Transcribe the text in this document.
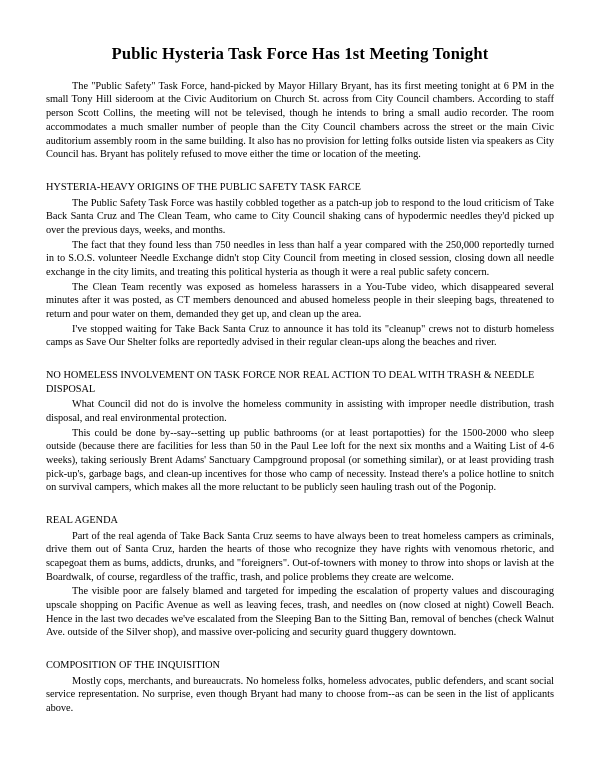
Public Hysteria Task Force Has 1st Meeting Tonight

The "Public Safety" Task Force, hand-picked by Mayor Hillary Bryant, has its first meeting tonight at 6 PM in the small Tony Hill sideroom at the Civic Auditorium on Church St. across from City Council chambers. According to staff person Scott Collins, the meeting will not be televised, though he intends to bring a small audio recorder. The room accommodates a much smaller number of people than the City Council chambers across the street or the main Civic auditorium assembly room in the same building. It also has no provision for letting folks outside listen via speakers as City Council has. Bryant has politely refused to move either the time or location of the meeting.

HYSTERIA-HEAVY ORIGINS OF THE PUBLIC SAFETY TASK FARCE

The Public Safety Task Force was hastily cobbled together as a patch-up job to respond to the loud criticism of Take Back Santa Cruz and The Clean Team, who came to City Council shaking cans of hypodermic needles they'd picked up over the previous days, weeks, and months.

The fact that they found less than 750 needles in less than half a year compared with the 250,000 reportedly turned in to S.O.S. volunteer Needle Exchange didn't stop City Council from meeting in closed session, closing down all needle exchange in the city limits, and treating this political hysteria as though it were a real public safety concern.

The Clean Team recently was exposed as homeless harassers in a You-Tube video, which disappeared several minutes after it was posted, as CT members denounced and abused homeless people in their sleeping bags, threatened to return and pour water on them, demanded they get up, and clean up the area.

I've stopped waiting for Take Back Santa Cruz to announce it has told its "cleanup" crews not to disturb homeless camps as Save Our Shelter folks are reportedly advised in their regular clean-ups along the beaches and river.

NO HOMELESS INVOLVEMENT ON TASK FORCE NOR REAL ACTION TO DEAL WITH TRASH & NEEDLE DISPOSAL

What Council did not do is involve the homeless community in assisting with improper needle distribution, trash disposal, and real environmental protection.

This could be done by--say--setting up public bathrooms (or at least portapotties) for the 1500-2000 who sleep outside (because there are facilities for less than 50 in the Paul Lee loft for the next six months and a Waiting List of 4-6 weeks), taking seriously Brent Adams' Sanctuary Campground proposal (or something similar), or at least providing trash pick-up's, garbage bags, and clean-up incentives for those who camp of necessity. Instead there's a police hotline to snitch on survival campers, which makes all the more reluctant to be publicly seen hauling trash out of the Pogonip.

REAL AGENDA

Part of the real agenda of Take Back Santa Cruz seems to have always been to treat homeless campers as criminals, drive them out of Santa Cruz, harden the hearts of those who recognize they have rights with venomous rhetoric, and scapegoat them as bums, addicts, drunks, and "foreigners". Out-of-towners with money to throw into shops or lavish at the Boardwalk, of course, regardless of the traffic, trash, and police problems they create are welcome.

The visible poor are falsely blamed and targeted for impeding the escalation of property values and discouraging upscale shopping on Pacific Avenue as well as leaving feces, trash, and needles on (now closed at night) Cowell Beach. Hence in the last two decades we've escalated from the Sleeping Ban to the Sitting Ban, removal of benches (check Walnut Ave. outside of the Silver shop), and massive over-policing and security guard thuggery downtown.

COMPOSITION OF THE INQUISITION

Mostly cops, merchants, and bureaucrats. No homeless folks, homeless advocates, public defenders, and scant social service representation. No surprise, even though Bryant had many to choose from--as can be seen in the list of applicants above.
